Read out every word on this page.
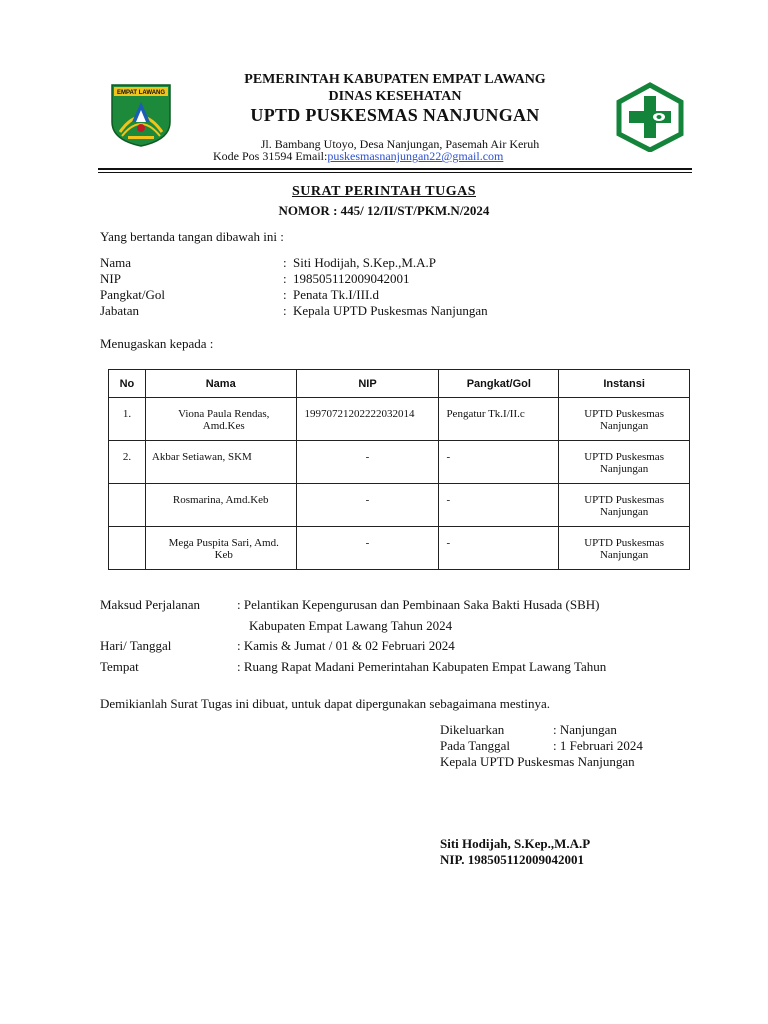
EMPAT LAWANG
PEMERINTAH KABUPATEN EMPAT LAWANG
DINAS KESEHATAN
UPTD PUSKESMAS NANJUNGAN
Jl. Bambang Utoyo, Desa Nanjungan, Pasemah Air Keruh
Kode Pos 31594 Email:puskesmasnanjungan22@gmail.com
SURAT PERINTAH TUGAS
NOMOR : 445/ 12/II/ST/PKM.N/2024
Yang bertanda tangan dibawah ini :
Nama	: Siti Hodijah, S.Kep.,M.A.P
NIP	: 198505112009042001
Pangkat/Gol	: Penata Tk.I/III.d
Jabatan	: Kepala UPTD Puskesmas Nanjungan
Menugaskan kepada :
No	Nama	NIP	Pangkat/Gol	Instansi

1.	Viona Paula Rendas, Amd.Kes	19970721202222032014	Pengatur Tk.I/II.c	UPTD Puskesmas Nanjungan

2.	Akbar Setiawan, SKM	-	-	UPTD Puskesmas Nanjungan

	Rosmarina, Amd.Keb	-	-	UPTD Puskesmas Nanjungan

	Mega Puspita Sari, Amd. Keb	-	-	UPTD Puskesmas Nanjungan
Maksud Perjalanan	: Pelantikan Kepengurusan dan Pembinaan Saka Bakti Husada (SBH)
Kabupaten Empat Lawang Tahun 2024
Hari/ Tanggal	: Kamis & Jumat / 01 & 02 Februari 2024
Tempat	: Ruang Rapat Madani Pemerintahan Kabupaten Empat Lawang Tahun
Demikianlah Surat Tugas ini dibuat, untuk dapat dipergunakan sebagaimana mestinya.
Dikeluarkan	: Nanjungan
Pada Tanggal	: 1 Februari 2024
Kepala UPTD Puskesmas Nanjungan
Siti Hodijah, S.Kep.,M.A.P
NIP. 198505112009042001
